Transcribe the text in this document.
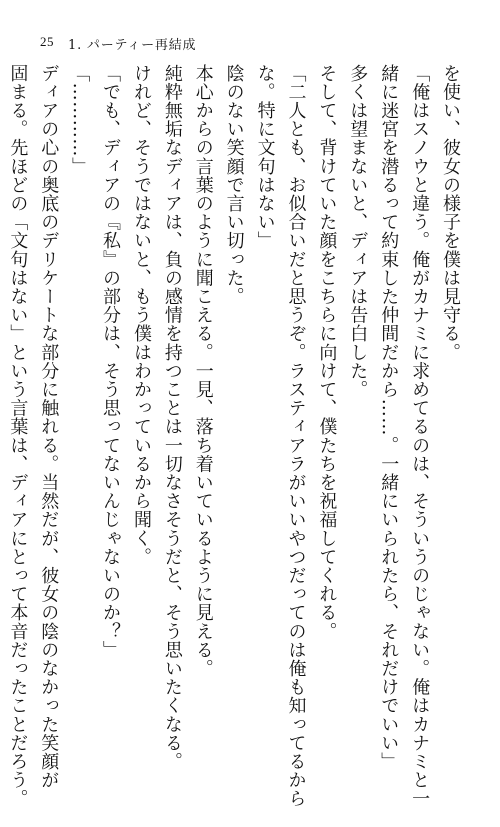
25 1. パーティー再結成
を使い、彼女の様子を僕は見守る。
「俺はスノウと違う。俺がカナミに求めてるのは、そういうのじゃない。俺はカナミと一
緒に迷宮を潜るって約束した仲間だから……。一緒にいられたら、それだけでいい」
多くは望まないと、ディアは告白した。
そして、背けていた顔をこちらに向けて、僕たちを祝福してくれる。
「二人とも、お似合いだと思うぞ。ラスティアラがいいやつだってのは俺も知ってるから
な。特に文句はない」
陰のない笑顔で言い切った。
本心からの言葉のように聞こえる。一見、落ち着いているように見える。
純粋無垢なディアは、負の感情を持つことは一切なさそうだと、そう思いたくなる。
けれど、そうではないと、もう僕はわかっているから聞く。
「でも、ディアの『私』の部分は、そう思ってないんじゃないのか？」
「…………」
ディアの心の奥底のデリケートな部分に触れる。当然だが、彼女の陰のなかった笑顔が
固まる。先ほどの「文句はない」という言葉は、ディアにとって本音だったことだろう。
